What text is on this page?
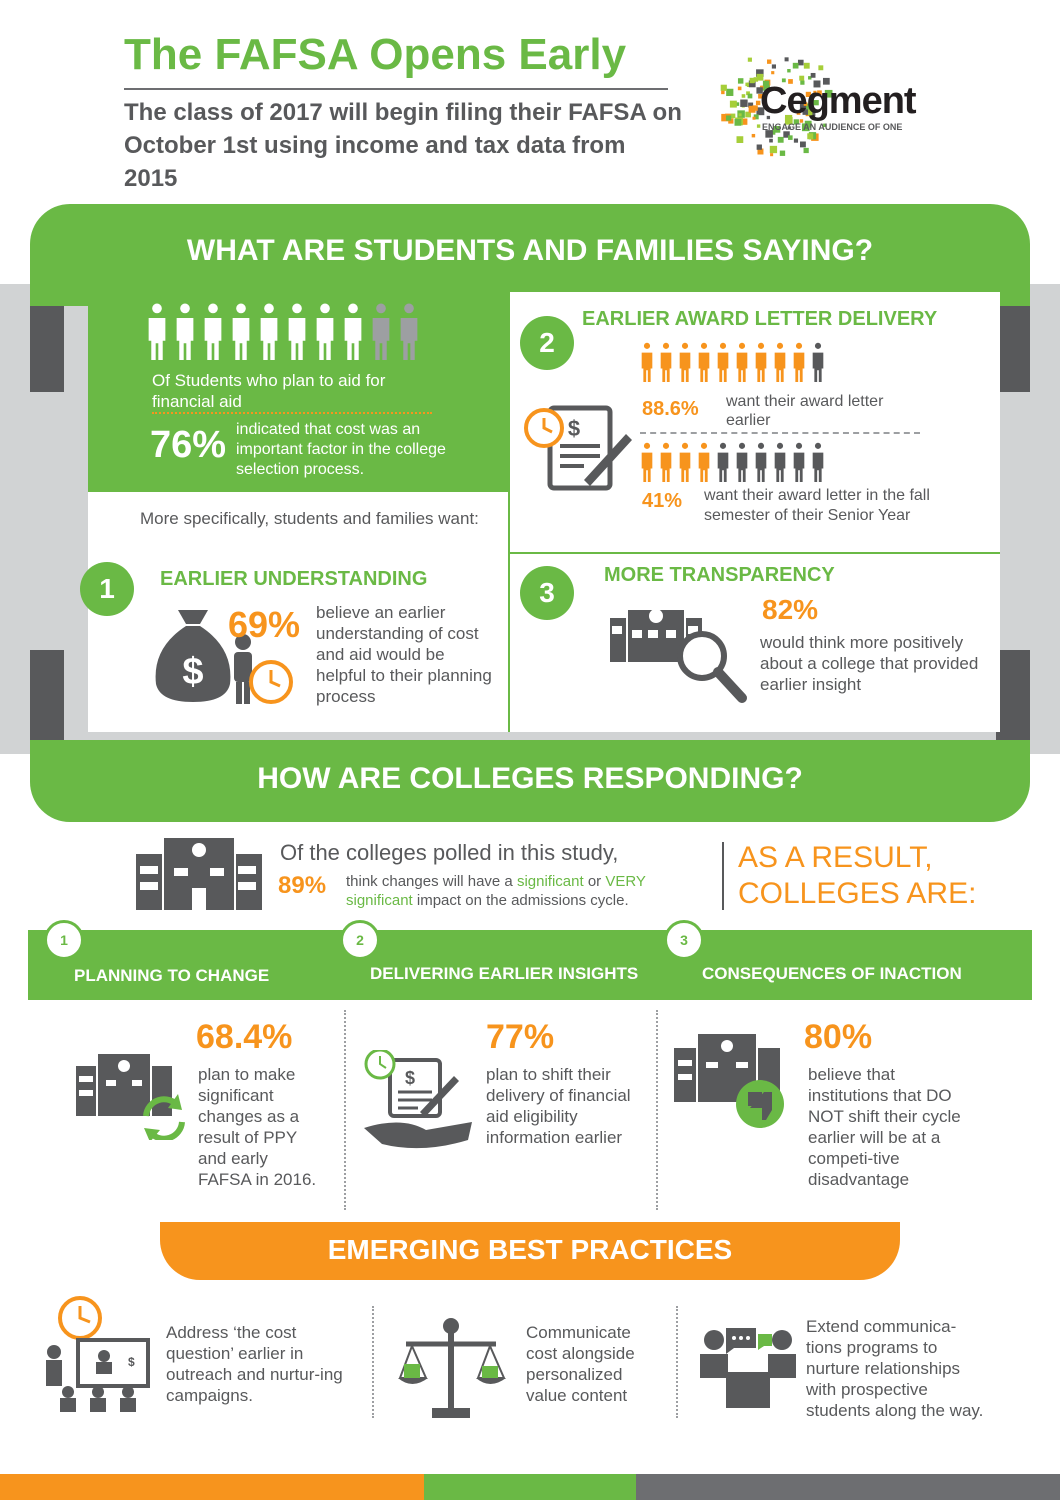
The FAFSA Opens Early
The class of 2017 will begin filing their FAFSA on October 1st using income and tax data from 2015
Cegment
ENGAGE AN AUDIENCE OF ONE
WHAT ARE STUDENTS AND FAMILIES SAYING?
Of Students who plan to aid for financial aid
76% indicated that cost was an important factor in the college selection process.
More specifically, students and families want:
1	EARLIER UNDERSTANDING
$
69% believe an earlier understanding of cost and aid would be helpful to their planning process
2
EARLIER AWARD LETTER DELIVERY
$
88.6% want their award letter earlier
41% want their award letter in the fall semester of their Senior Year
3
MORE TRANSPARENCY
82%
would think more positively about a college that provided earlier insight
HOW ARE COLLEGES RESPONDING?
Of the colleges polled in this study,
89% think changes will have a significant or VERY significant impact on the admissions cycle.
AS A RESULT,
COLLEGES ARE:
1	2	3
PLANNING TO CHANGE	DELIVERING EARLIER INSIGHTS	CONSEQUENCES OF INACTION
68.4%
plan to make significant changes as a result of PPY and early FAFSA in 2016.
$
77%
plan to shift their delivery of financial aid eligibility information earlier
80%
believe that institutions that DO NOT shift their cycle earlier will be at a competi-tive disadvantage
EMERGING BEST PRACTICES
$
Address ‘the cost question’ earlier in outreach and nurtur-ing campaigns.
Communicate cost alongside personalized value content
Extend communica-tions programs to nurture relationships with prospective students along the way.
